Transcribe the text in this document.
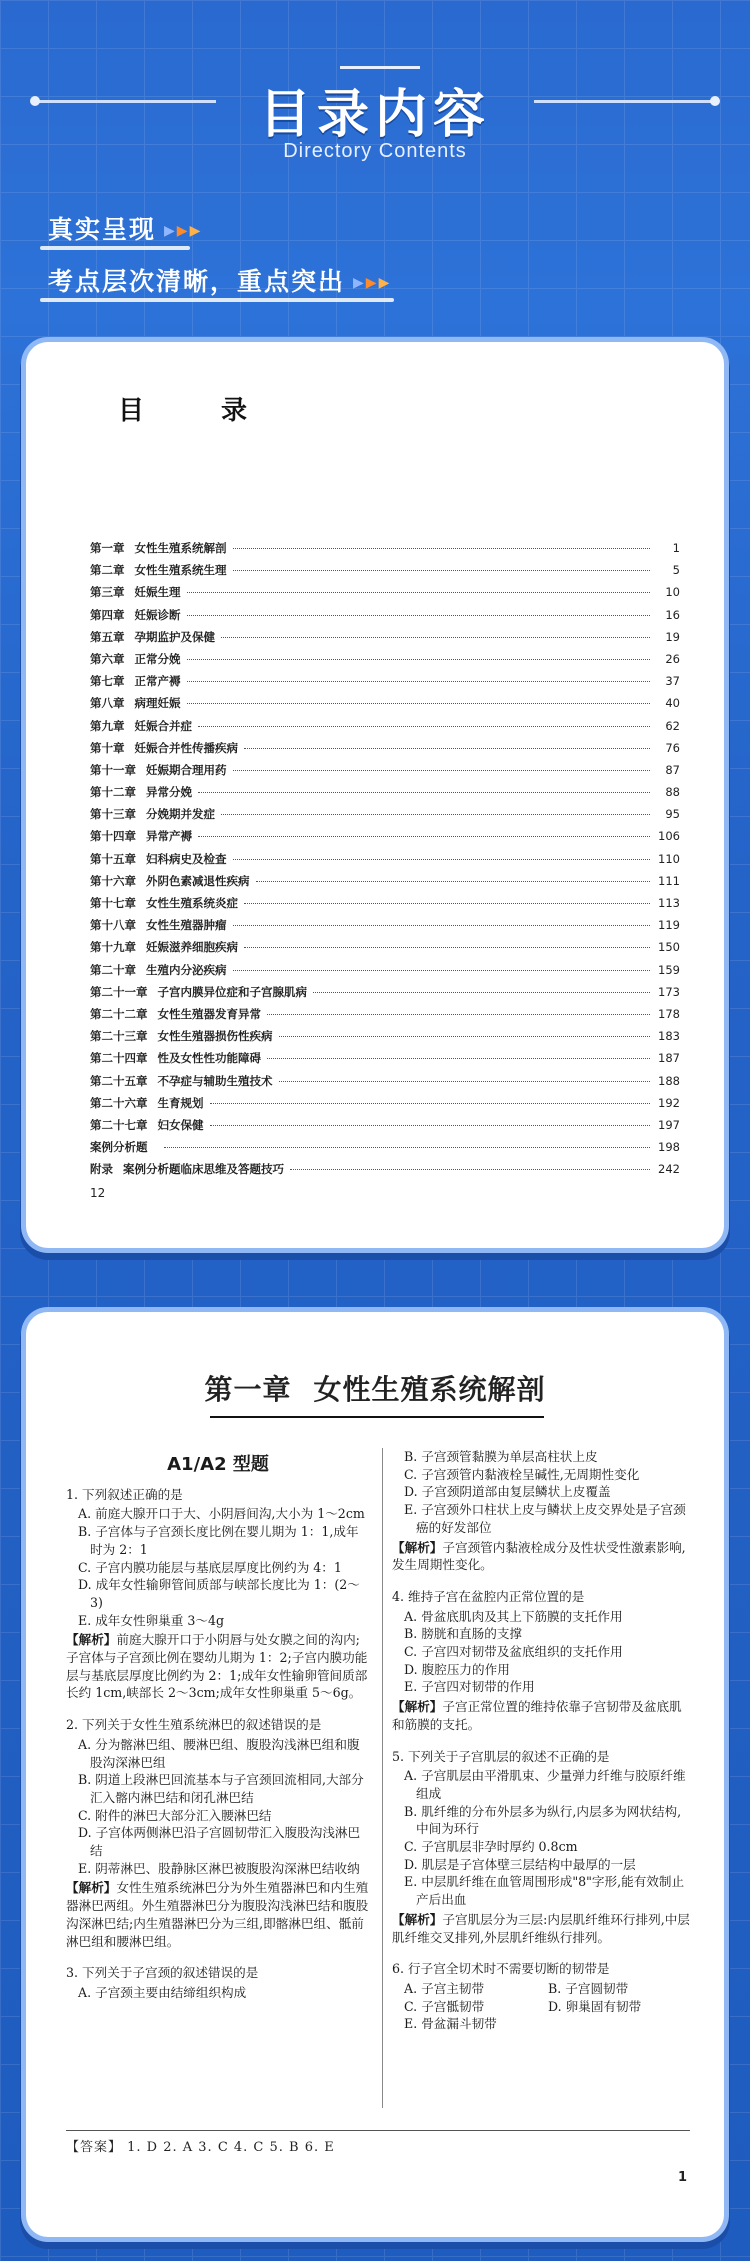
目录内容
Directory Contents
真实呈现 ▶▶▶
考点层次清晰，重点突出 ▶▶▶
目 录
第一章 女性生殖系统解剖	1
第二章 女性生殖系统生理	5
第三章 妊娠生理	10
第四章 妊娠诊断	16
第五章 孕期监护及保健	19
第六章 正常分娩	26
第七章 正常产褥	37
第八章 病理妊娠	40
第九章 妊娠合并症	62
第十章 妊娠合并性传播疾病	76
第十一章 妊娠期合理用药	87
第十二章 异常分娩	88
第十三章 分娩期并发症	95
第十四章 异常产褥	106
第十五章 妇科病史及检查	110
第十六章 外阴色素减退性疾病	111
第十七章 女性生殖系统炎症	113
第十八章 女性生殖器肿瘤	119
第十九章 妊娠滋养细胞疾病	150
第二十章 生殖内分泌疾病	159
第二十一章 子宫内膜异位症和子宫腺肌病	173
第二十二章 女性生殖器发育异常	178
第二十三章 女性生殖器损伤性疾病	183
第二十四章 性及女性性功能障碍	187
第二十五章 不孕症与辅助生殖技术	188
第二十六章 生育规划	192
第二十七章 妇女保健	197
案例分析题	198
附录 案例分析题临床思维及答题技巧	242
12
第一章 女性生殖系统解剖
A1/A2 型题
1. 下列叙述正确的是
A. 前庭大腺开口于大、小阴唇间沟,大小为 1～2cm
B. 子宫体与子宫颈长度比例在婴儿期为 1：1,成年时为 2：1
C. 子宫内膜功能层与基底层厚度比例约为 4：1
D. 成年女性输卵管间质部与峡部长度比为 1：(2～3)
E. 成年女性卵巢重 3～4g
【解析】前庭大腺开口于小阴唇与处女膜之间的沟内;子宫体与子宫颈比例在婴幼儿期为 1：2;子宫内膜功能层与基底层厚度比例约为 2：1;成年女性输卵管间质部长约 1cm,峡部长 2～3cm;成年女性卵巢重 5～6g。
2. 下列关于女性生殖系统淋巴的叙述错误的是
A. 分为髂淋巴组、腰淋巴组、腹股沟浅淋巴组和腹股沟深淋巴组
B. 阴道上段淋巴回流基本与子宫颈回流相同,大部分汇入髂内淋巴结和闭孔淋巴结
C. 附件的淋巴大部分汇入腰淋巴结
D. 子宫体两侧淋巴沿子宫圆韧带汇入腹股沟浅淋巴结
E. 阴蒂淋巴、股静脉区淋巴被腹股沟深淋巴结收纳
【解析】女性生殖系统淋巴分为外生殖器淋巴和内生殖器淋巴两组。外生殖器淋巴分为腹股沟浅淋巴结和腹股沟深淋巴结;内生殖器淋巴分为三组,即髂淋巴组、骶前淋巴组和腰淋巴组。
3. 下列关于子宫颈的叙述错误的是
A. 子宫颈主要由结缔组织构成
B. 子宫颈管黏膜为单层高柱状上皮
C. 子宫颈管内黏液栓呈碱性,无周期性变化
D. 子宫颈阴道部由复层鳞状上皮覆盖
E. 子宫颈外口柱状上皮与鳞状上皮交界处是子宫颈癌的好发部位
【解析】子宫颈管内黏液栓成分及性状受性激素影响,发生周期性变化。
4. 维持子宫在盆腔内正常位置的是
A. 骨盆底肌肉及其上下筋膜的支托作用
B. 膀胱和直肠的支撑
C. 子宫四对韧带及盆底组织的支托作用
D. 腹腔压力的作用
E. 子宫四对韧带的作用
【解析】子宫正常位置的维持依靠子宫韧带及盆底肌和筋膜的支托。
5. 下列关于子宫肌层的叙述不正确的是
A. 子宫肌层由平滑肌束、少量弹力纤维与胶原纤维组成
B. 肌纤维的分布外层多为纵行,内层多为网状结构,中间为环行
C. 子宫肌层非孕时厚约 0.8cm
D. 肌层是子宫体壁三层结构中最厚的一层
E. 中层肌纤维在血管周围形成"8"字形,能有效制止产后出血
【解析】子宫肌层分为三层:内层肌纤维环行排列,中层肌纤维交叉排列,外层肌纤维纵行排列。
6. 行子宫全切术时不需要切断的韧带是
A. 子宫主韧带	B. 子宫圆韧带
C. 子宫骶韧带	D. 卵巢固有韧带
E. 骨盆漏斗韧带
【答案】 1. D 2. A 3. C 4. C 5. B 6. E
1
